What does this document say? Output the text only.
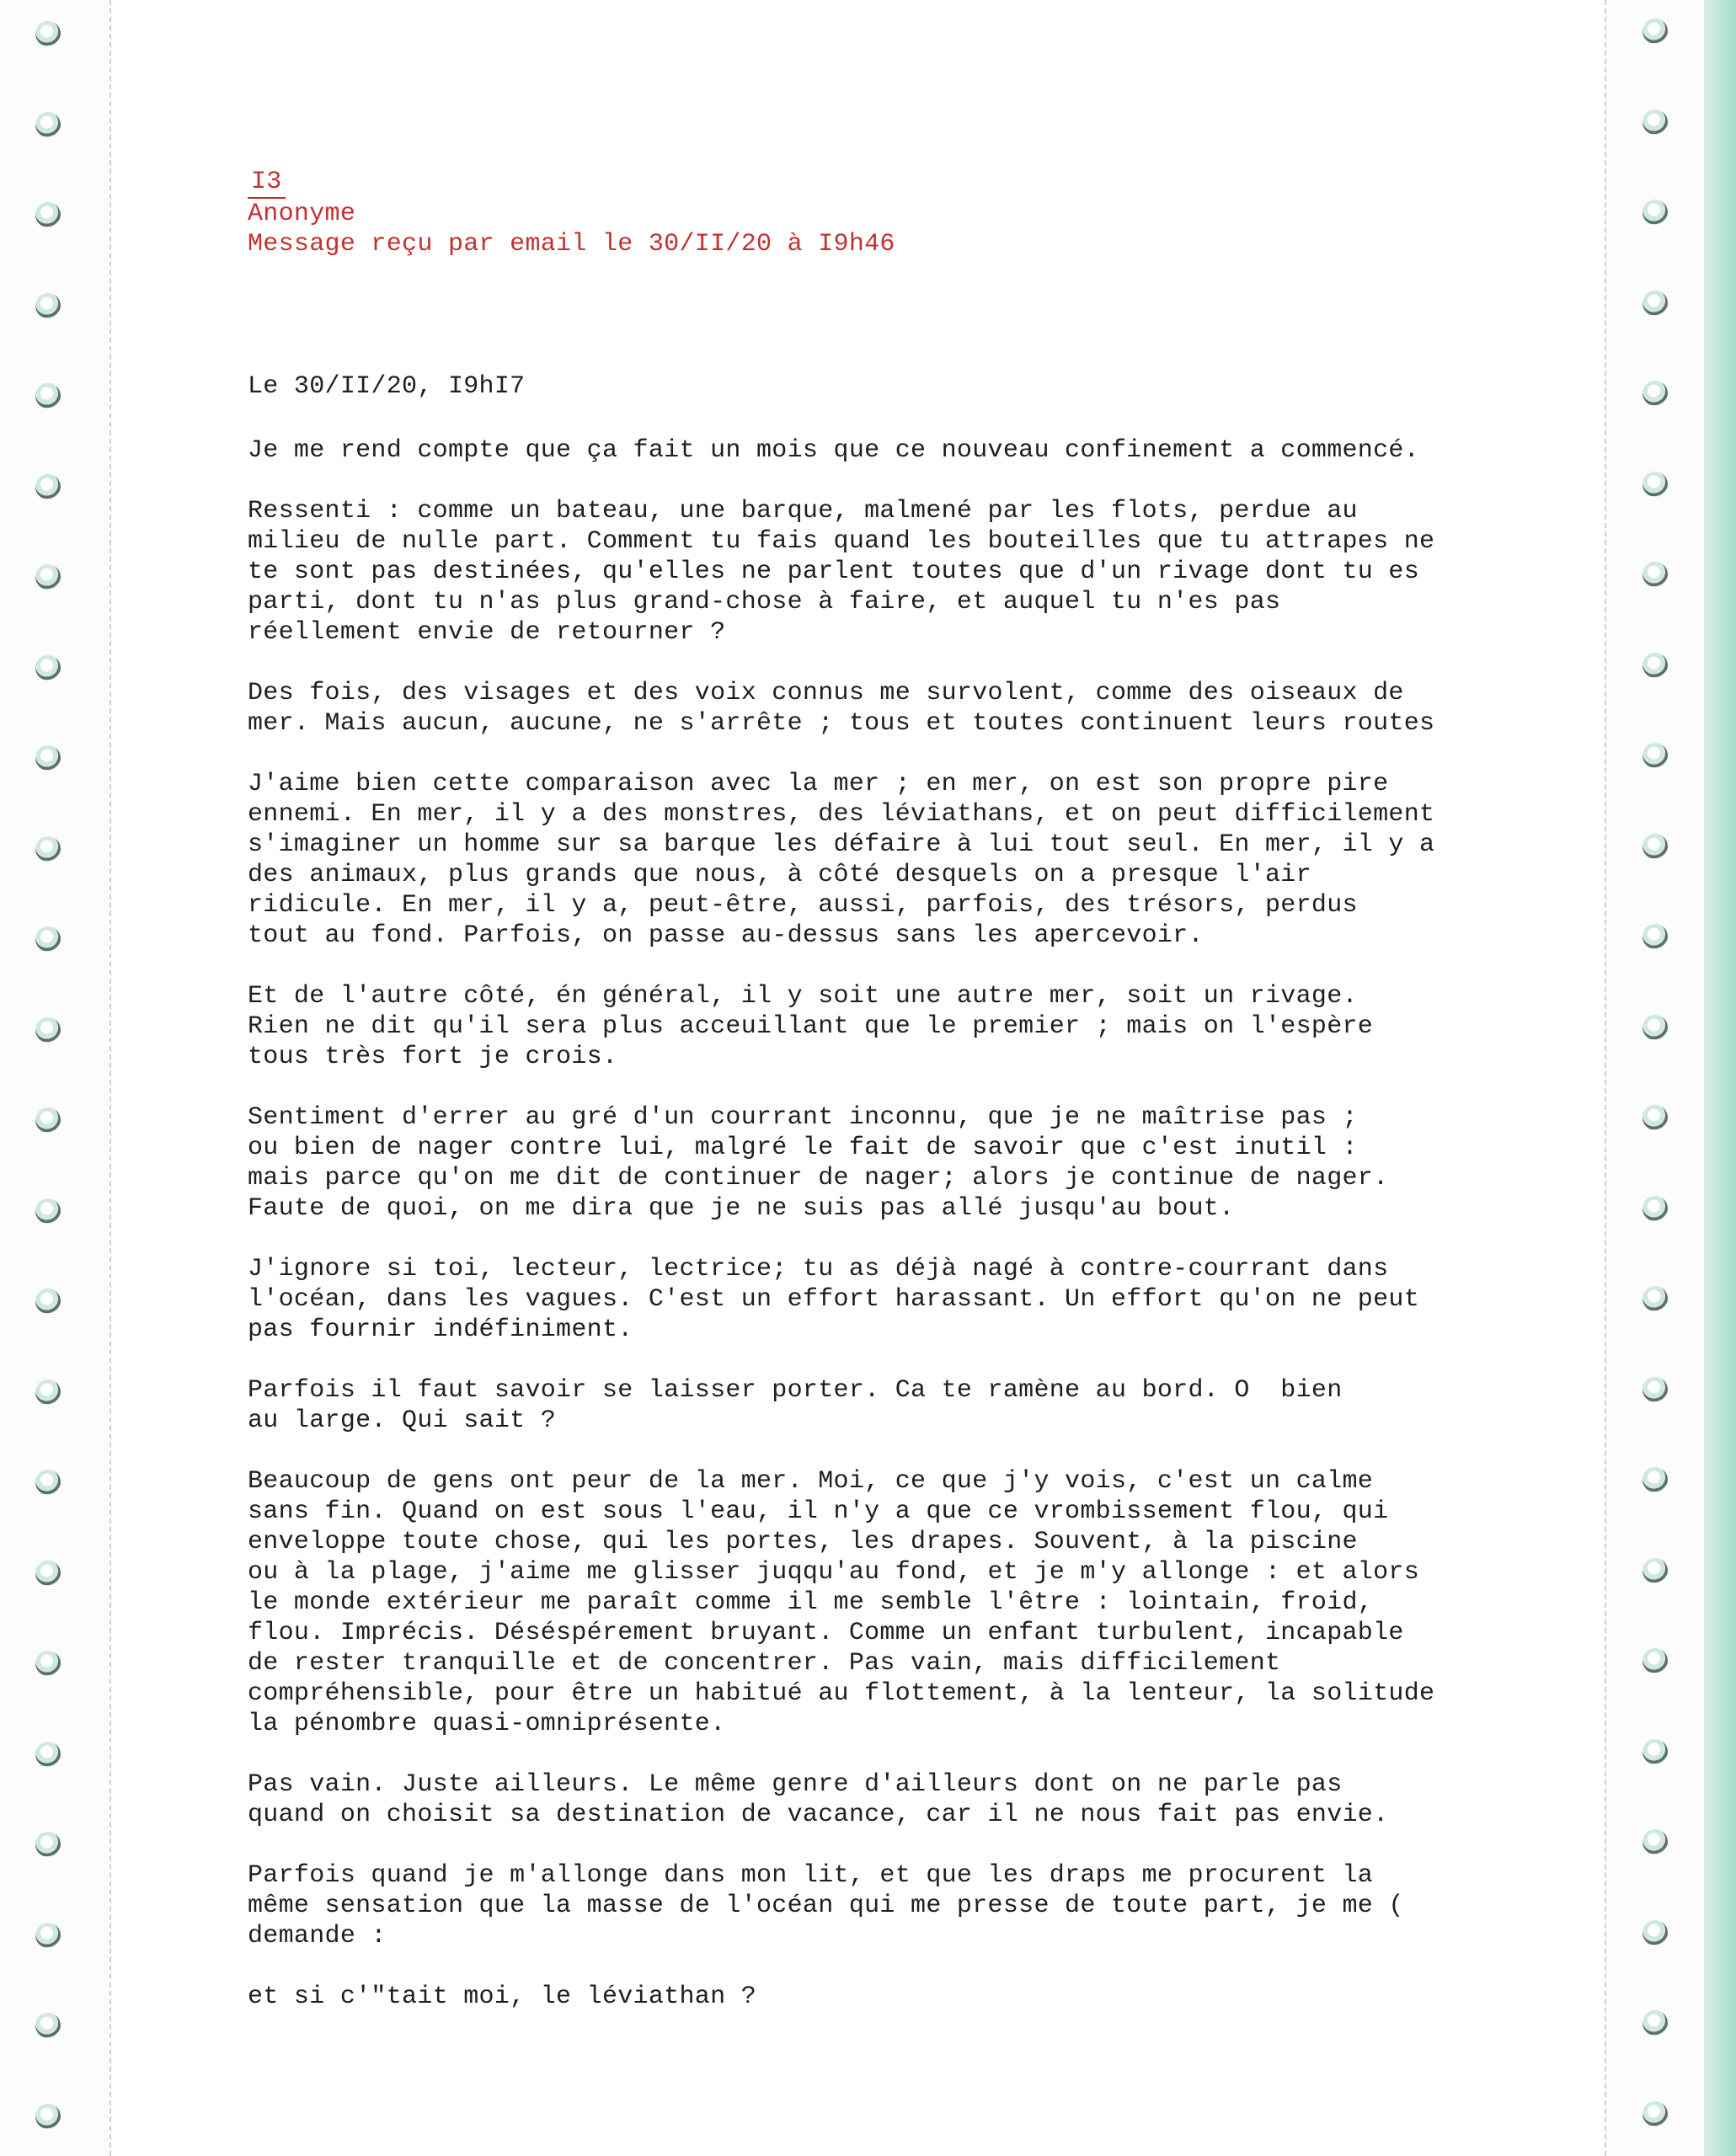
I3
Anonyme
Message reçu par email le 30/II/20 à I9h46
Le 30/II/20, I9hI7
Je me rend compte que ça fait un mois que ce nouveau confinement a commencé.
Ressenti : comme un bateau, une barque, malmené par les flots, perdue au
milieu de nulle part. Comment tu fais quand les bouteilles que tu attrapes ne
te sont pas destinées, qu'elles ne parlent toutes que d'un rivage dont tu es
parti, dont tu n'as plus grand-chose à faire, et auquel tu n'es pas
réellement envie de retourner ?
Des fois, des visages et des voix connus me survolent, comme des oiseaux de
mer. Mais aucun, aucune, ne s'arrête ; tous et toutes continuent leurs routes
J'aime bien cette comparaison avec la mer ; en mer, on est son propre pire
ennemi. En mer, il y a des monstres, des léviathans, et on peut difficilement
s'imaginer un homme sur sa barque les défaire à lui tout seul. En mer, il y a
des animaux, plus grands que nous, à côté desquels on a presque l'air
ridicule. En mer, il y a, peut-être, aussi, parfois, des trésors, perdus
tout au fond. Parfois, on passe au-dessus sans les apercevoir.
Et de l'autre côté, én général, il y soit une autre mer, soit un rivage.
Rien ne dit qu'il sera plus acceuillant que le premier ; mais on l'espère
tous très fort je crois.
Sentiment d'errer au gré d'un courrant inconnu, que je ne maîtrise pas ;
ou bien de nager contre lui, malgré le fait de savoir que c'est inutil :
mais parce qu'on me dit de continuer de nager; alors je continue de nager.
Faute de quoi, on me dira que je ne suis pas allé jusqu'au bout.
J'ignore si toi, lecteur, lectrice; tu as déjà nagé à contre-courrant dans
l'océan, dans les vagues. C'est un effort harassant. Un effort qu'on ne peut
pas fournir indéfiniment.
Parfois il faut savoir se laisser porter. Ca te ramène au bord. O  bien
au large. Qui sait ?
Beaucoup de gens ont peur de la mer. Moi, ce que j'y vois, c'est un calme
sans fin. Quand on est sous l'eau, il n'y a que ce vrombissement flou, qui
enveloppe toute chose, qui les portes, les drapes. Souvent, à la piscine
ou à la plage, j'aime me glisser juqqu'au fond, et je m'y allonge : et alors
le monde extérieur me paraît comme il me semble l'être : lointain, froid,
flou. Imprécis. Déséspérement bruyant. Comme un enfant turbulent, incapable
de rester tranquille et de concentrer. Pas vain, mais difficilement
compréhensible, pour être un habitué au flottement, à la lenteur, la solitude
la pénombre quasi-omniprésente.
Pas vain. Juste ailleurs. Le même genre d'ailleurs dont on ne parle pas
quand on choisit sa destination de vacance, car il ne nous fait pas envie.
Parfois quand je m'allonge dans mon lit, et que les draps me procurent la
même sensation que la masse de l'océan qui me presse de toute part, je me (
demande :
et si c'"tait moi, le léviathan ?
